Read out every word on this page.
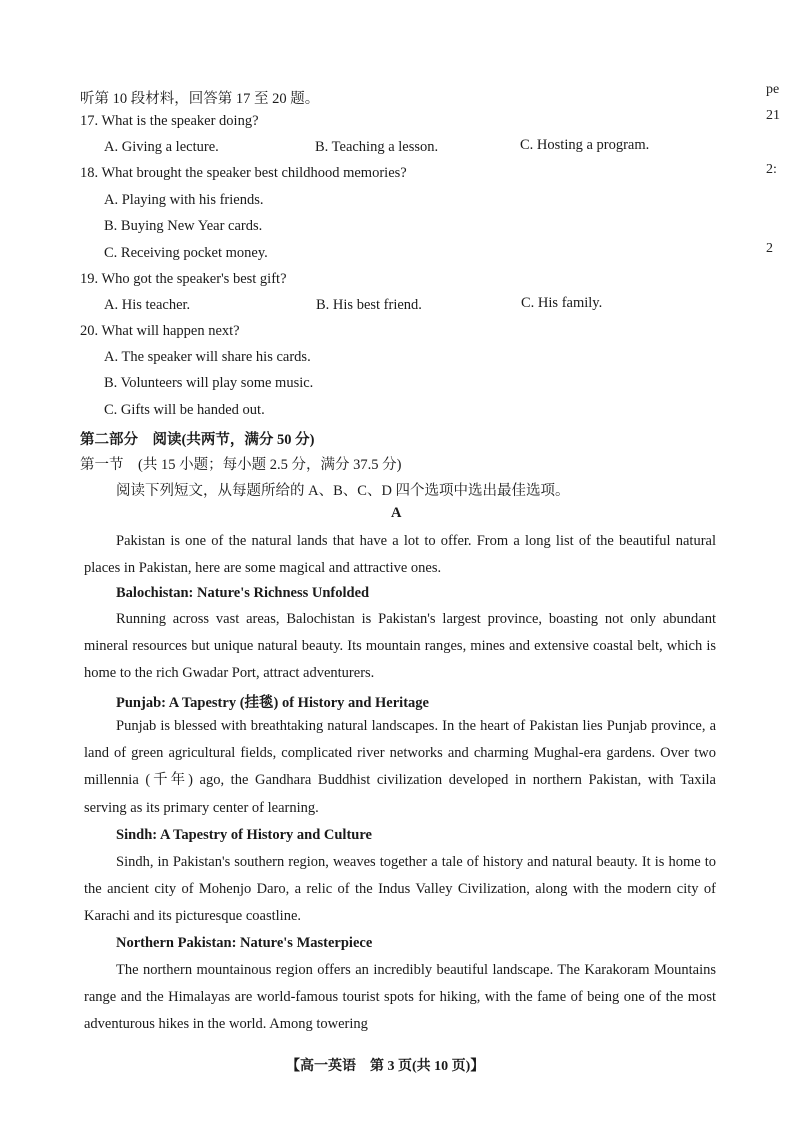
pe
21
2:
2
听第 10 段材料，回答第 17 至 20 题。
17. What is the speaker doing?
A. Giving a lecture.	B. Teaching a lesson.	C. Hosting a program.
18. What brought the speaker best childhood memories?
A. Playing with his friends.
B. Buying New Year cards.
C. Receiving pocket money.
19. Who got the speaker's best gift?
A. His teacher.	B. His best friend.	C. His family.
20. What will happen next?
A. The speaker will share his cards.
B. Volunteers will play some music.
C. Gifts will be handed out.
第二部分　阅读(共两节，满分 50 分)
第一节　(共 15 小题；每小题 2.5 分，满分 37.5 分)
阅读下列短文，从每题所给的 A、B、C、D 四个选项中选出最佳选项。
A
Pakistan is one of the natural lands that have a lot to offer. From a long list of the beautiful natural places in Pakistan, here are some magical and attractive ones.
Balochistan: Nature's Richness Unfolded
Running across vast areas, Balochistan is Pakistan's largest province, boasting not only abundant mineral resources but unique natural beauty. Its mountain ranges, mines and extensive coastal belt, which is home to the rich Gwadar Port, attract adventurers.
Punjab: A Tapestry (挂毯) of History and Heritage
Punjab is blessed with breathtaking natural landscapes. In the heart of Pakistan lies Punjab province, a land of green agricultural fields, complicated river networks and charming Mughal-era gardens. Over two millennia (千年) ago, the Gandhara Buddhist civilization developed in northern Pakistan, with Taxila serving as its primary center of learning.
Sindh: A Tapestry of History and Culture
Sindh, in Pakistan's southern region, weaves together a tale of history and natural beauty. It is home to the ancient city of Mohenjo Daro, a relic of the Indus Valley Civilization, along with the modern city of Karachi and its picturesque coastline.
Northern Pakistan: Nature's Masterpiece
The northern mountainous region offers an incredibly beautiful landscape. The Karakoram Mountains range and the Himalayas are world-famous tourist spots for hiking, with the fame of being one of the most adventurous hikes in the world. Among towering
【高一英语　第 3 页(共 10 页)】
